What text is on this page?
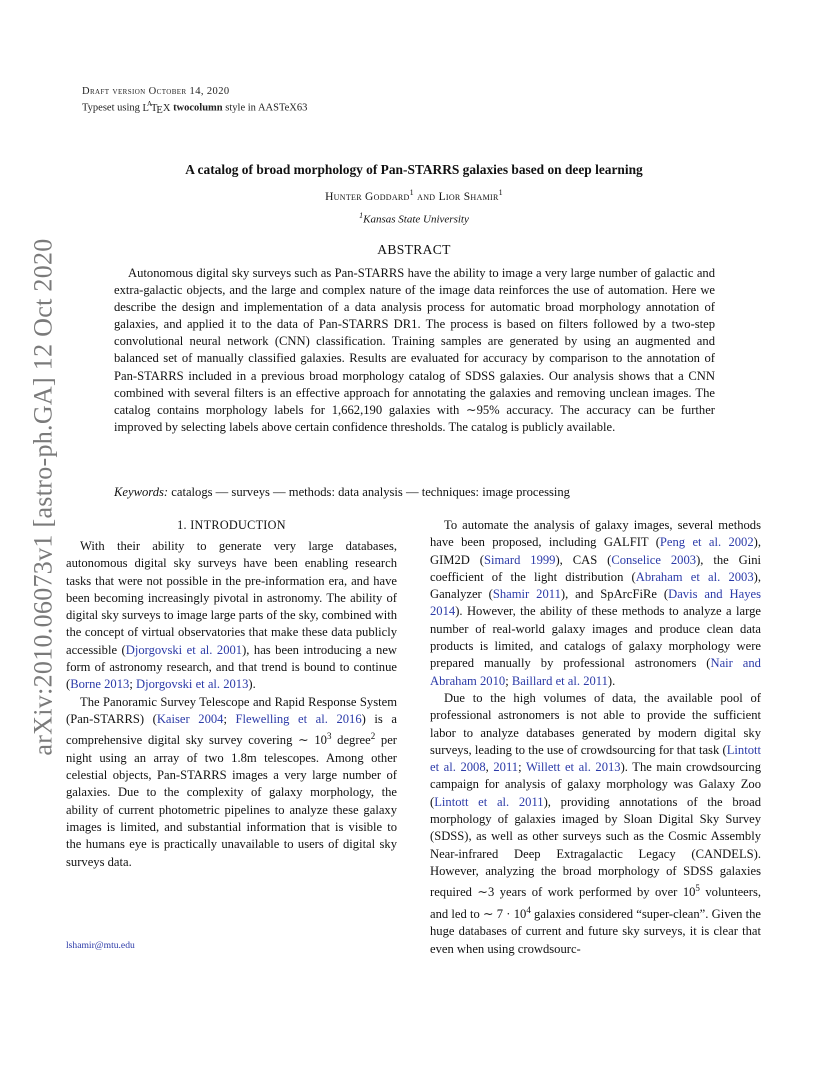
arXiv:2010.06073v1 [astro-ph.GA] 12 Oct 2020
Draft version October 14, 2020
Typeset using $L^AT_EX$ twocolumn style in AASTeX63
A catalog of broad morphology of Pan-STARRS galaxies based on deep learning
Hunter Goddard$^1$ and Lior Shamir$^1$
$^1$Kansas State University
ABSTRACT

Autonomous digital sky surveys such as Pan-STARRS have the ability to image a very large number of galactic and extra-galactic objects, and the large and complex nature of the image data reinforces the use of automation. Here we describe the design and implementation of a data analysis process for automatic broad morphology annotation of galaxies, and applied it to the data of Pan-STARRS DR1. The process is based on filters followed by a two-step convolutional neural network (CNN) classification. Training samples are generated by using an augmented and balanced set of manually classified galaxies. Results are evaluated for accuracy by comparison to the annotation of Pan-STARRS included in a previous broad morphology catalog of SDSS galaxies. Our analysis shows that a CNN combined with several filters is an effective approach for annotating the galaxies and removing unclean images. The catalog contains morphology labels for 1,662,190 galaxies with ∼95% accuracy. The accuracy can be further improved by selecting labels above certain confidence thresholds. The catalog is publicly available.

Keywords: catalogs — surveys — methods: data analysis — techniques: image processing
1. INTRODUCTION

With their ability to generate very large databases, autonomous digital sky surveys have been enabling research tasks that were not possible in the pre-information era, and have been becoming increasingly pivotal in astronomy. The ability of digital sky surveys to image large parts of the sky, combined with the concept of virtual observatories that make these data publicly accessible (Djorgovski et al. 2001), has been introducing a new form of astronomy research, and that trend is bound to continue (Borne 2013; Djorgovski et al. 2013).

The Panoramic Survey Telescope and Rapid Response System (Pan-STARRS) (Kaiser 2004; Flewelling et al. 2016) is a comprehensive digital sky survey covering ∼ $10^3$ degree$^2$ per night using an array of two 1.8m telescopes. Among other celestial objects, Pan-STARRS images a very large number of galaxies. Due to the complexity of galaxy morphology, the ability of current photometric pipelines to analyze these galaxy images is limited, and substantial information that is visible to the humans eye is practically unavailable to users of digital sky surveys data.

To automate the analysis of galaxy images, several methods have been proposed, including GALFIT (Peng et al. 2002), GIM2D (Simard 1999), CAS (Conselice 2003), the Gini coefficient of the light distribution (Abraham et al. 2003), Ganalyzer (Shamir 2011), and SpArcFiRe (Davis and Hayes 2014). However, the ability of these methods to analyze a large number of real-world galaxy images and produce clean data products is limited, and catalogs of galaxy morphology were prepared manually by professional astronomers (Nair and Abraham 2010; Baillard et al. 2011).

Due to the high volumes of data, the available pool of professional astronomers is not able to provide the sufficient labor to analyze databases generated by modern digital sky surveys, leading to the use of crowdsourcing for that task (Lintott et al. 2008, 2011; Willett et al. 2013). The main crowdsourcing campaign for analysis of galaxy morphology was Galaxy Zoo (Lintott et al. 2011), providing annotations of the broad morphology of galaxies imaged by Sloan Digital Sky Survey (SDSS), as well as other surveys such as the Cosmic Assembly Near-infrared Deep Extragalactic Legacy (CANDELS). However, analyzing the broad morphology of SDSS galaxies required ∼3 years of work performed by over $10^5$ volunteers, and led to ∼ $7 \cdot 10^4$ galaxies considered “super-clean”. Given the huge databases of current and future sky surveys, it is clear that even when using crowdsourc-

lshamir@mtu.edu
